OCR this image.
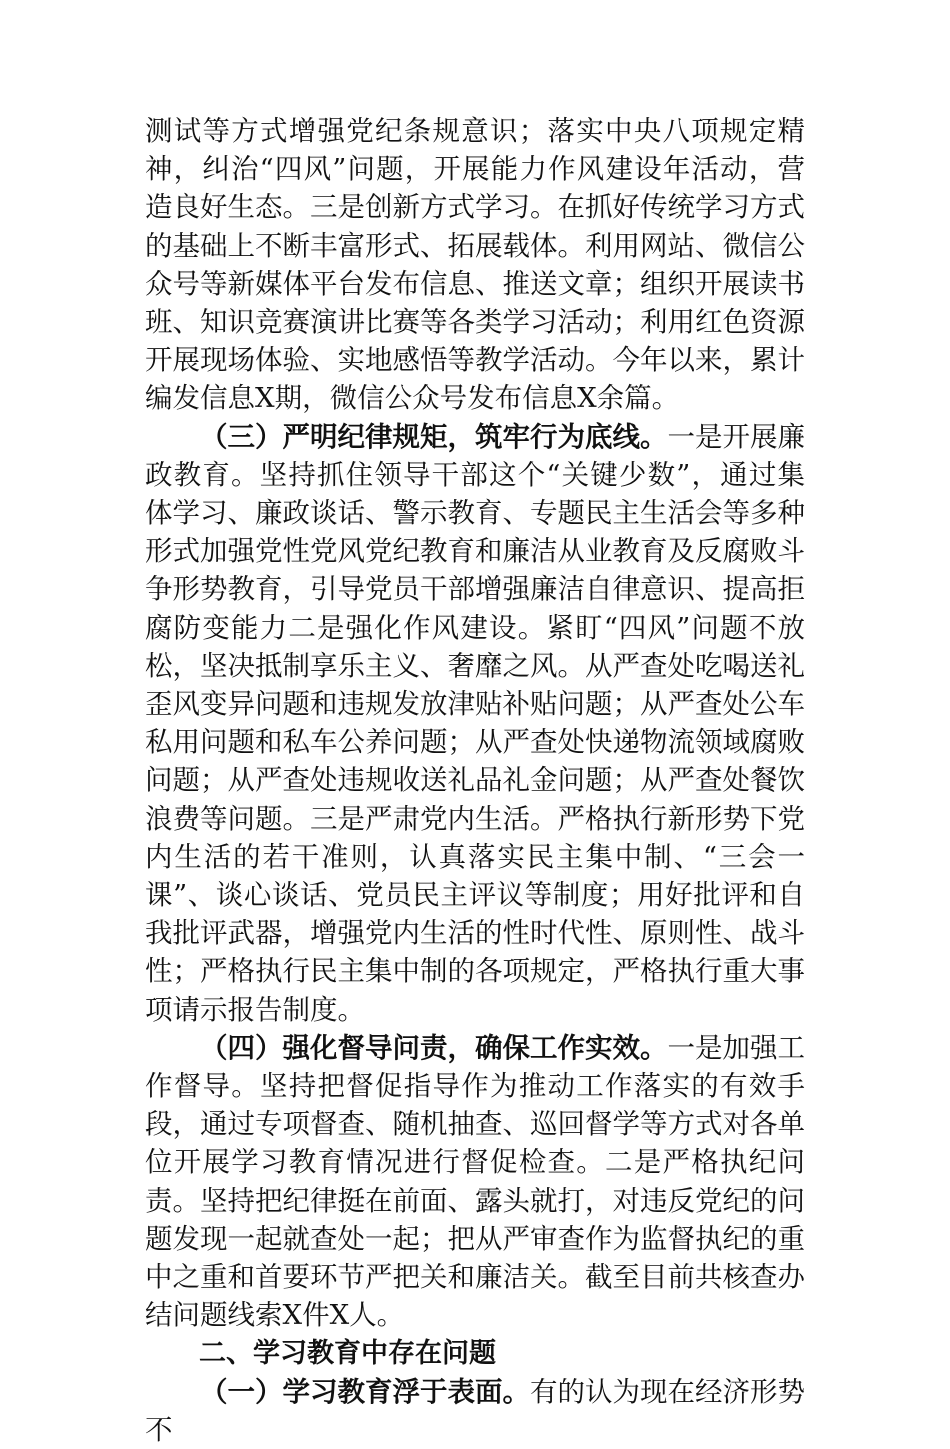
测试等方式增强党纪条规意识；落实中央八项规定精神，纠治“四风”问题，开展能力作风建设年活动，营造良好生态。三是创新方式学习。在抓好传统学习方式的基础上不断丰富形式、拓展载体。利用网站、微信公众号等新媒体平台发布信息、推送文章；组织开展读书班、知识竞赛演讲比赛等各类学习活动；利用红色资源开展现场体验、实地感悟等教学活动。今年以来，累计编发信息X期，微信公众号发布信息X余篇。

（三）严明纪律规矩，筑牢行为底线。一是开展廉政教育。坚持抓住领导干部这个“关键少数”，通过集体学习、廉政谈话、警示教育、专题民主生活会等多种形式加强党性党风党纪教育和廉洁从业教育及反腐败斗争形势教育，引导党员干部增强廉洁自律意识、提高拒腐防变能力二是强化作风建设。紧盯“四风”问题不放松，坚决抵制享乐主义、奢靡之风。从严查处吃喝送礼歪风变异问题和违规发放津贴补贴问题；从严查处公车私用问题和私车公养问题；从严查处快递物流领域腐败问题；从严查处违规收送礼品礼金问题；从严查处餐饮浪费等问题。三是严肃党内生活。严格执行新形势下党内生活的若干准则，认真落实民主集中制、“三会一课”、谈心谈话、党员民主评议等制度；用好批评和自我批评武器，增强党内生活的性时代性、原则性、战斗性；严格执行民主集中制的各项规定，严格执行重大事项请示报告制度。

（四）强化督导问责，确保工作实效。一是加强工作督导。坚持把督促指导作为推动工作落实的有效手段，通过专项督查、随机抽查、巡回督学等方式对各单位开展学习教育情况进行督促检查。二是严格执纪问责。坚持把纪律挺在前面、露头就打，对违反党纪的问题发现一起就查处一起；把从严审查作为监督执纪的重中之重和首要环节严把关和廉洁关。截至目前共核查办结问题线索X件X人。

二、学习教育中存在问题

（一）学习教育浮于表面。有的认为现在经济形势不
